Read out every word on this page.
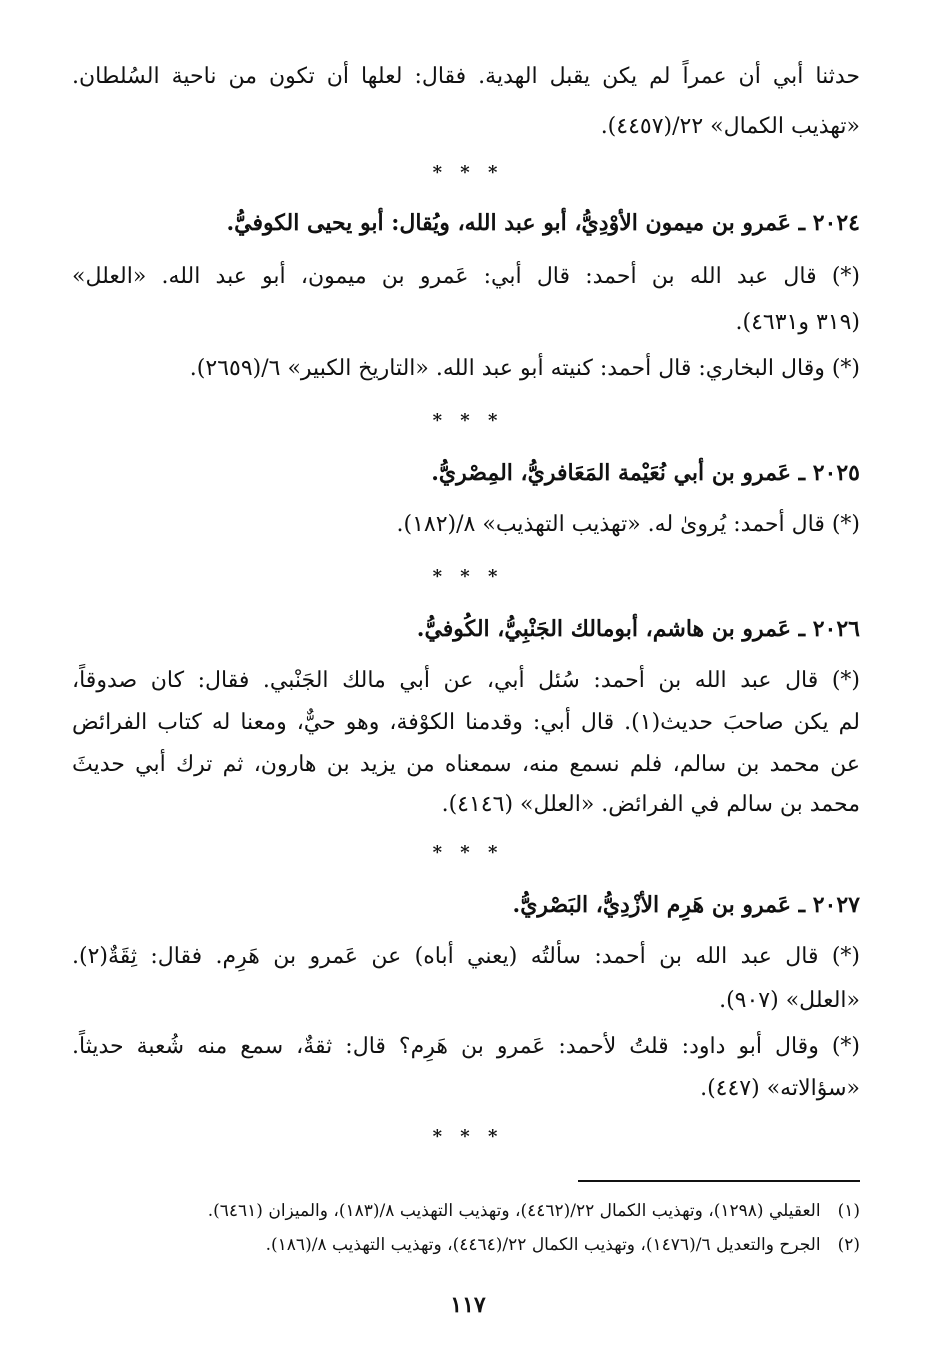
حدثنا أبي أن عمراً لم يكن يقبل الهدية. فقال: لعلها أن تكون من ناحية السُلطان.
«تهذيب الكمال» ٢٢/(٤٤٥٧).
* * *
٢٠٢٤ ـ عَمرو بن ميمون الأوْدِيُّ، أبو عبد الله، ويُقال: أبو يحيى الكوفيُّ.
(*) قال عبد الله بن أحمد: قال أبي: عَمرو بن ميمون، أبو عبد الله. «العلل»
(٣١٩ و٤٦٣١).
(*) وقال البخاري: قال أحمد: كنيته أبو عبد الله. «التاريخ الكبير» ٦/(٢٦٥٩).
* * *
٢٠٢٥ ـ عَمرو بن أبي نُعَيْمة المَعَافريُّ، المِصْريُّ.
(*) قال أحمد: يُروىٰ له. «تهذيب التهذيب» ٨/(١٨٢).
* * *
٢٠٢٦ ـ عَمرو بن هاشم، أبومالك الجَنْبِيُّ، الكُوفيُّ.
(*) قال عبد الله بن أحمد: سُئل أبي، عن أبي مالك الجَنْبي. فقال: كان صدوقاً،
لم يكن صاحبَ حديث(١). قال أبي: وقدمنا الكوْفة، وهو حيٌّ، ومعنا له كتاب الفرائض
عن محمد بن سالم، فلم نسمع منه، سمعناه من يزيد بن هارون، ثم ترك أبي حديثَ
محمد بن سالم في الفرائض. «العلل» (٤١٤٦).
* * *
٢٠٢٧ ـ عَمرو بن هَرِم الأزْدِيُّ، البَصْريُّ.
(*) قال عبد الله بن أحمد: سألتُه (يعني أباه) عن عَمرو بن هَرِم. فقال: ثِقَةٌ(٢).
«العلل» (٩٠٧).
(*) وقال أبو داود: قلتُ لأحمد: عَمرو بن هَرِم؟ قال: ثقةٌ، سمع منه شُعبة حديثاً.
«سؤالاته» (٤٤٧).
* * *
(١) العقيلي (١٢٩٨)، وتهذيب الكمال ٢٢/(٤٤٦٢)، وتهذيب التهذيب ٨/(١٨٣)، والميزان (٦٤٦١).
(٢) الجرح والتعديل ٦/(١٤٧٦)، وتهذيب الكمال ٢٢/(٤٤٦٤)، وتهذيب التهذيب ٨/(١٨٦).
١١٧
